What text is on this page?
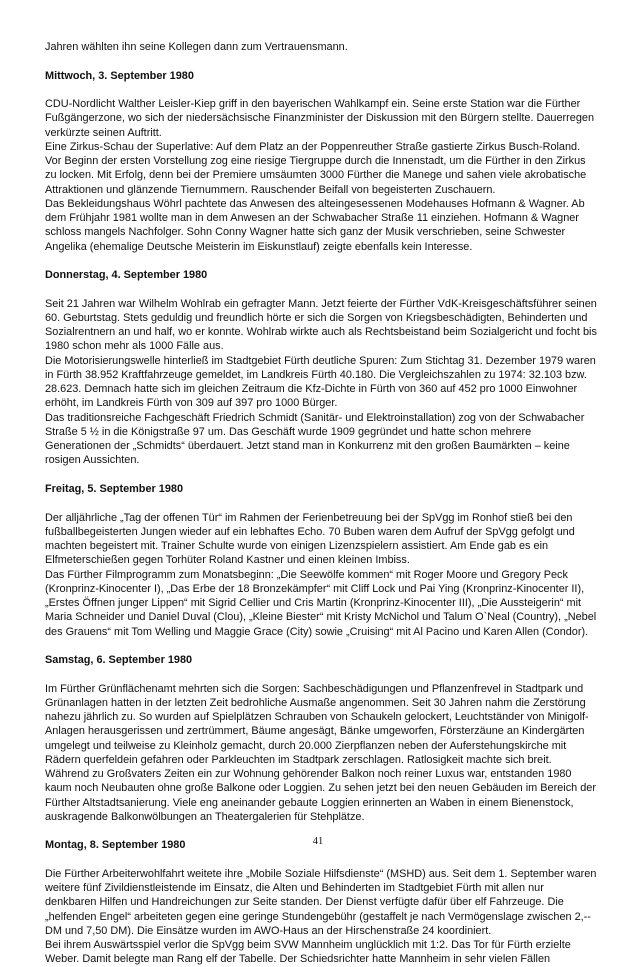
Jahren wählten ihn seine Kollegen dann zum Vertrauensmann.

Mittwoch, 3. September 1980

CDU-Nordlicht Walther Leisler-Kiep griff in den bayerischen Wahlkampf ein. Seine erste Station war die Fürther Fußgängerzone, wo sich der niedersächsische Finanzminister der Diskussion mit den Bürgern stellte. Dauerregen verkürzte seinen Auftritt.

Eine Zirkus-Schau der Superlative: Auf dem Platz an der Poppenreuther Straße gastierte Zirkus Busch-Roland. Vor Beginn der ersten Vorstellung zog eine riesige Tiergruppe durch die Innenstadt, um die Fürther in den Zirkus zu locken. Mit Erfolg, denn bei der Premiere umsäumten 3000 Fürther die Manege und sahen viele akrobatische Attraktionen und glänzende Tiernummern. Rauschender Beifall von begeisterten Zuschauern.

Das Bekleidungshaus Wöhrl pachtete das Anwesen des alteingesessenen Modehauses Hofmann & Wagner. Ab dem Frühjahr 1981 wollte man in dem Anwesen an der Schwabacher Straße 11 einziehen. Hofmann & Wagner schloss mangels Nachfolger. Sohn Conny Wagner hatte sich ganz der Musik verschrieben, seine Schwester Angelika (ehemalige Deutsche Meisterin im Eiskunstlauf) zeigte ebenfalls kein Interesse.

Donnerstag, 4. September 1980

Seit 21 Jahren war Wilhelm Wohlrab ein gefragter Mann. Jetzt feierte der Fürther VdK-Kreisgeschäftsführer seinen 60. Geburtstag. Stets geduldig und freundlich hörte er sich die Sorgen von Kriegsbeschädigten, Behinderten und Sozialrentnern an und half, wo er konnte. Wohlrab wirkte auch als Rechtsbeistand beim Sozialgericht und focht bis 1980 schon mehr als 1000 Fälle aus.

Die Motorisierungswelle hinterließ im Stadtgebiet Fürth deutliche Spuren: Zum Stichtag 31. Dezember 1979 waren in Fürth 38.952 Kraftfahrzeuge gemeldet, im Landkreis Fürth 40.180. Die Vergleichszahlen zu 1974: 32.103 bzw. 28.623. Demnach hatte sich im gleichen Zeitraum die Kfz-Dichte in Fürth von 360 auf 452 pro 1000 Einwohner erhöht, im Landkreis Fürth von 309 auf 397 pro 1000 Bürger.

Das traditionsreiche Fachgeschäft Friedrich Schmidt (Sanitär- und Elektroinstallation) zog von der Schwabacher Straße 5 ½ in die Königstraße 97 um. Das Geschäft wurde 1909 gegründet und hatte schon mehrere Generationen der „Schmidts“ überdauert. Jetzt stand man in Konkurrenz mit den großen Baumärkten – keine rosigen Aussichten.

Freitag, 5. September 1980

Der alljährliche „Tag der offenen Tür“ im Rahmen der Ferienbetreuung bei der SpVgg im Ronhof stieß bei den fußballbegeisterten Jungen wieder auf ein lebhaftes Echo. 70 Buben waren dem Aufruf der SpVgg gefolgt und machten begeistert mit. Trainer Schulte wurde von einigen Lizenzspielern assistiert. Am Ende gab es ein Elfmeterschießen gegen Torhüter Roland Kastner und einen kleinen Imbiss.

Das Fürther Filmprogramm zum Monatsbeginn: „Die Seewölfe kommen“ mit Roger Moore und Gregory Peck (Kronprinz-Kinocenter I), „Das Erbe der 18 Bronzekämpfer“ mit Cliff Lock und Pai Ying (Kronprinz-Kinocenter II), „Erstes Öffnen junger Lippen“ mit Sigrid Cellier und Cris Martin (Kronprinz-Kinocenter III), „Die Aussteigerin“ mit Maria Schneider und Daniel Duval (Clou), „Kleine Biester“ mit Kristy McNichol und Talum O`Neal (Country), „Nebel des Grauens“ mit Tom Welling und Maggie Grace (City) sowie „Cruising“ mit Al Pacino und Karen Allen (Condor).

Samstag, 6. September 1980

Im Fürther Grünflächenamt mehrten sich die Sorgen: Sachbeschädigungen und Pflanzenfrevel in Stadtpark und Grünanlagen hatten in der letzten Zeit bedrohliche Ausmaße angenommen. Seit 30 Jahren nahm die Zerstörung nahezu jährlich zu. So wurden auf Spielplätzen Schrauben von Schaukeln gelockert, Leuchtständer von Minigolf-Anlagen herausgerissen und zertrümmert, Bäume angesägt, Bänke umgeworfen, Försterzäune an Kindergärten umgelegt und teilweise zu Kleinholz gemacht, durch 20.000 Zierpflanzen neben der Auferstehungskirche mit Rädern querfeldein gefahren oder Parkleuchten im Stadtpark zerschlagen. Ratlosigkeit machte sich breit.

Während zu Großvaters Zeiten ein zur Wohnung gehörender Balkon noch reiner Luxus war, entstanden 1980 kaum noch Neubauten ohne große Balkone oder Loggien. Zu sehen jetzt bei den neuen Gebäuden im Bereich der Fürther Altstadtsanierung. Viele eng aneinander gebaute Loggien erinnerten an Waben in einem Bienenstock, auskragende Balkonwölbungen an Theatergalerien für Stehplätze.

Montag, 8. September 1980

Die Fürther Arbeiterwohlfahrt weitete ihre „Mobile Soziale Hilfsdienste“ (MSHD) aus. Seit dem 1. September waren weitere fünf Zivildienstleistende im Einsatz, die Alten und Behinderten im Stadtgebiet Fürth mit allen nur denkbaren Hilfen und Handreichungen zur Seite standen. Der Dienst verfügte dafür über elf Fahrzeuge. Die „helfenden Engel“ arbeiteten gegen eine geringe Stundengebühr (gestaffelt je nach Vermögenslage zwischen 2,-- DM und 7,50 DM). Die Einsätze wurden im AWO-Haus an der Hirschenstraße 24 koordiniert.

Bei ihrem Auswärtsspiel verlor die SpVgg beim SVW Mannheim unglücklich mit 1:2. Das Tor für Fürth erzielte Weber. Damit belegte man Rang elf der Tabelle. Der Schiedsrichter hatte Mannheim in sehr vielen Fällen

41
